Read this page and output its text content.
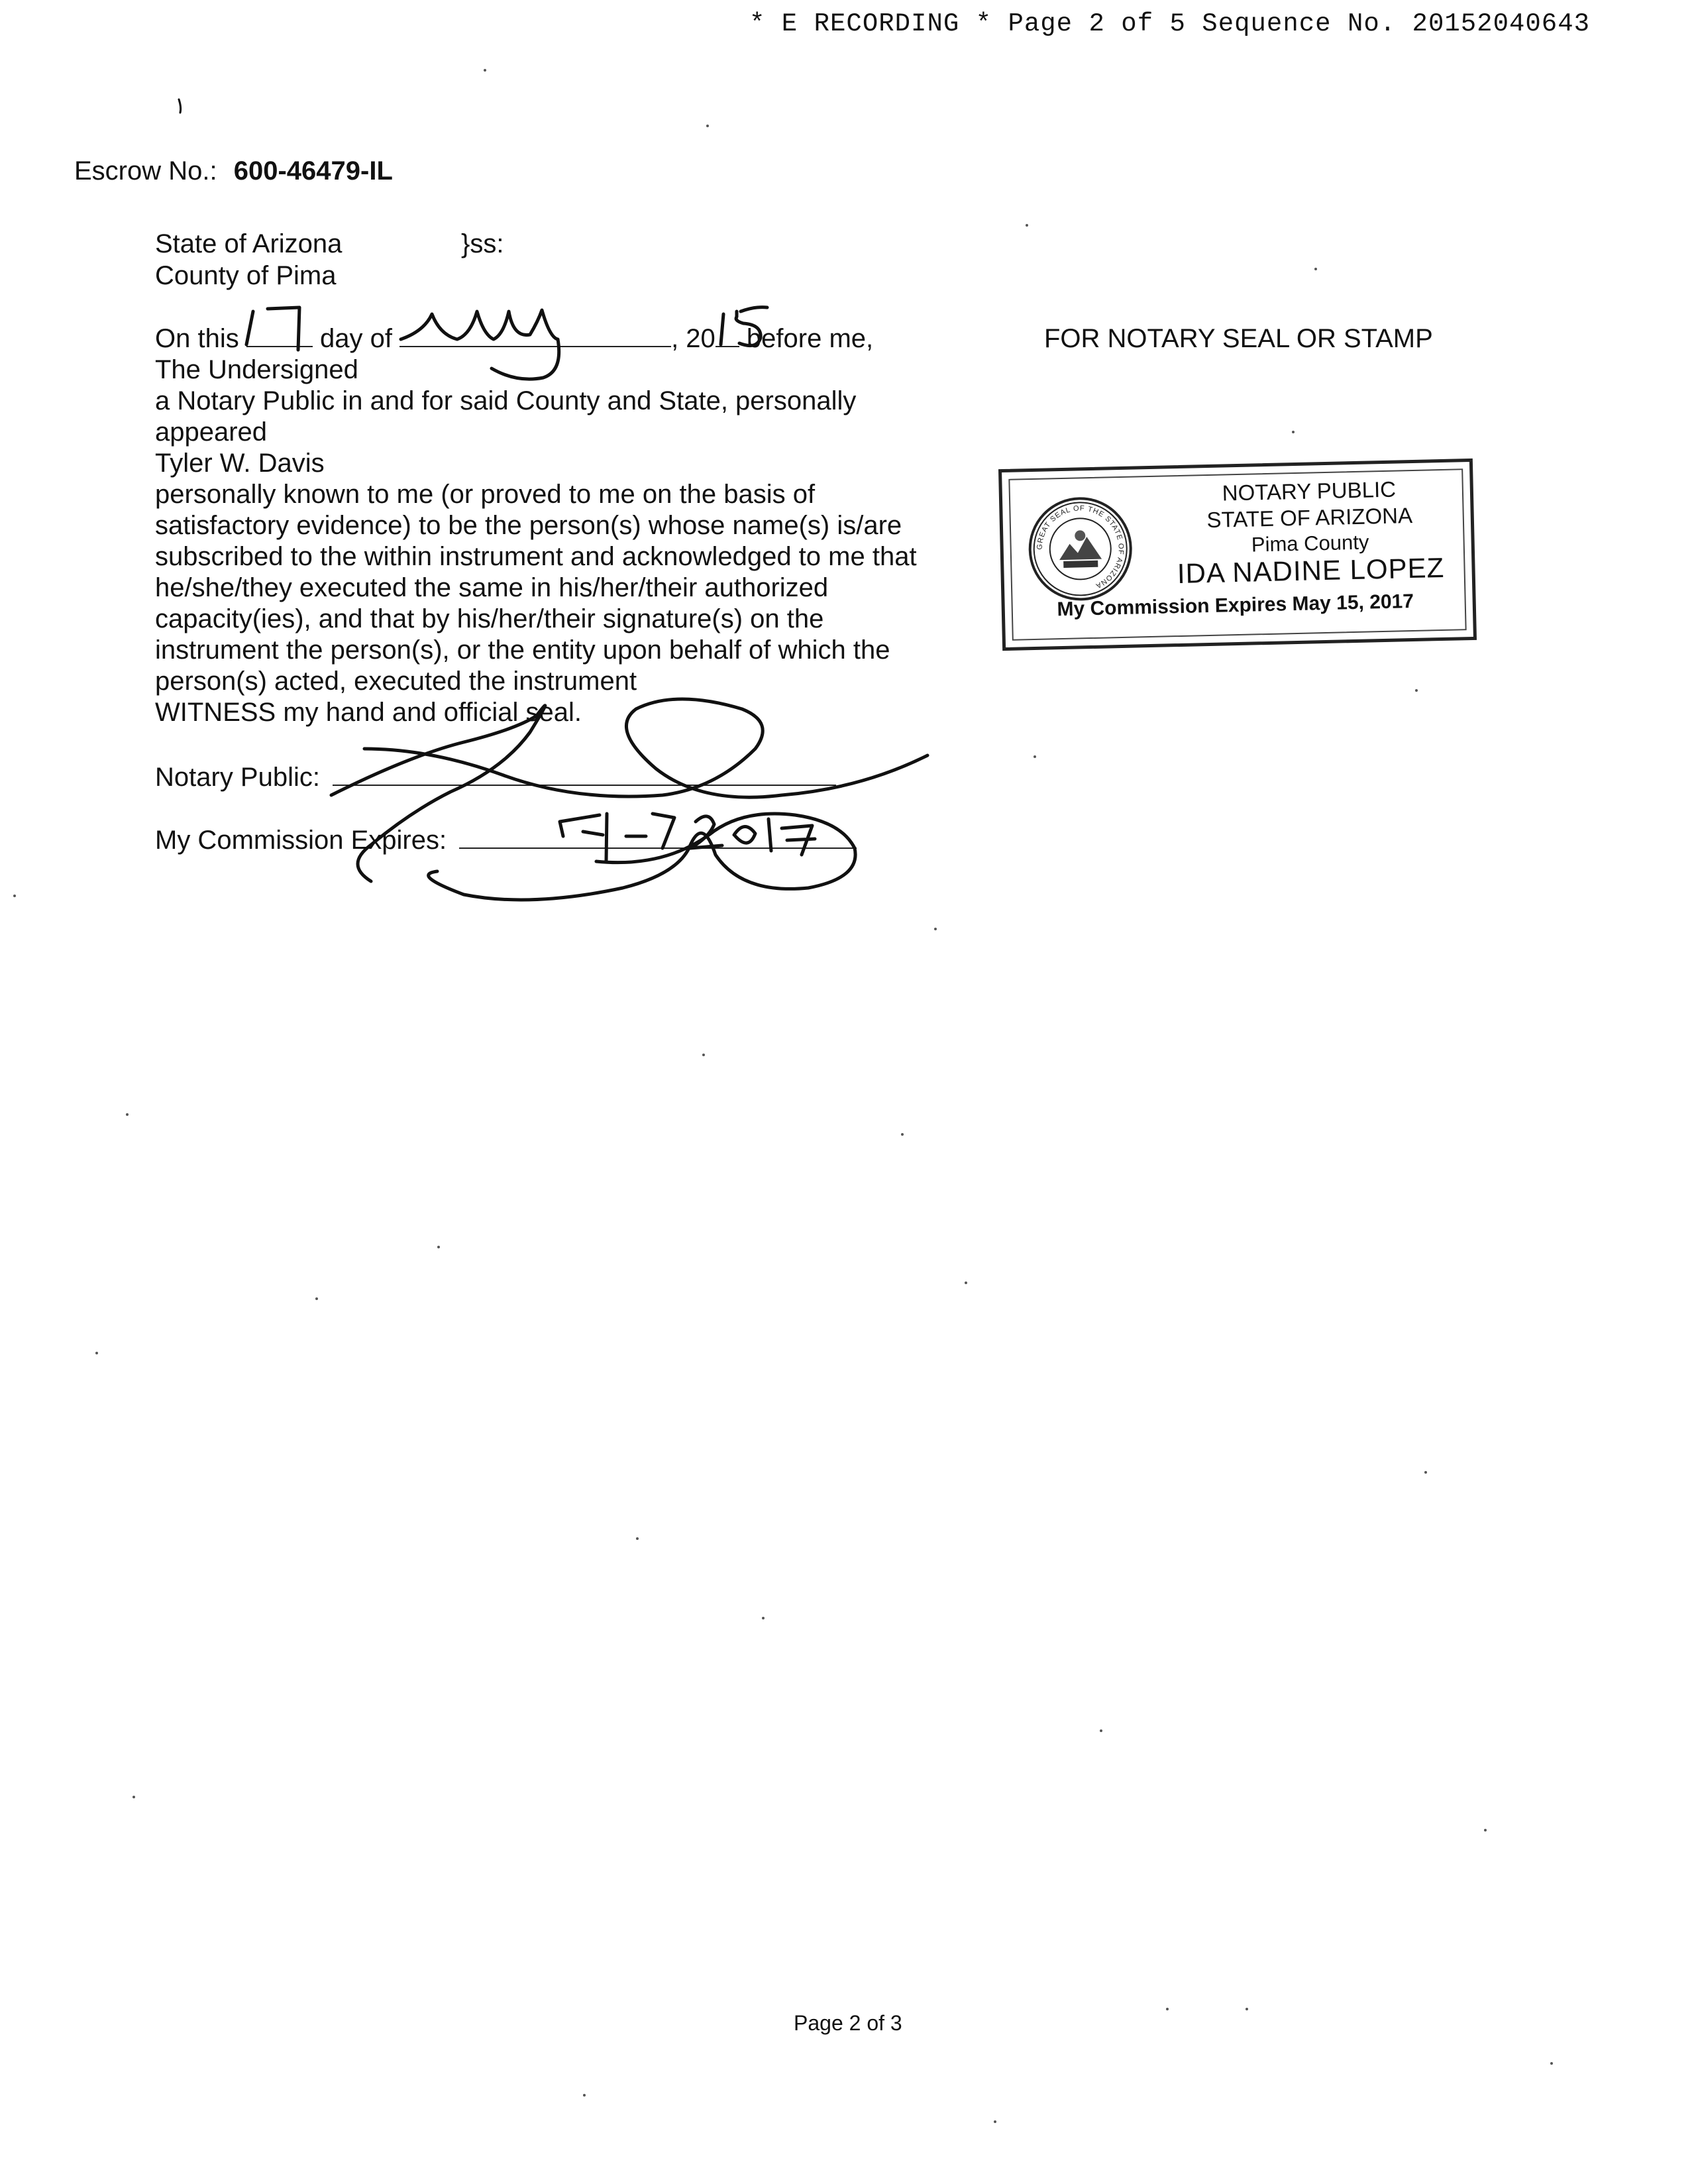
* E RECORDING * Page 2 of 5 Sequence No. 20152040643
Escrow No.: 600-46479-IL
State of Arizona	}ss:
County of Pima
On this	day of	, 20 before me,
The Undersigned
a Notary Public in and for said County and State, personally
appeared
Tyler W. Davis
personally known to me (or proved to me on the basis of
satisfactory evidence) to be the person(s) whose name(s) is/are
subscribed to the within instrument and acknowledged to me that
he/she/they executed the same in his/her/their authorized
capacity(ies), and that by his/her/their signature(s) on the
instrument the person(s), or the entity upon behalf of which the
person(s) acted, executed the instrument
WITNESS my hand and official seal.
Notary Public:
My Commission Expires:
FOR NOTARY SEAL OR STAMP
GREAT SEAL OF THE STATE OF ARIZONA
NOTARY PUBLIC
STATE OF ARIZONA
Pima County
IDA NADINE LOPEZ
My Commission Expires May 15, 2017
Page 2 of 3
